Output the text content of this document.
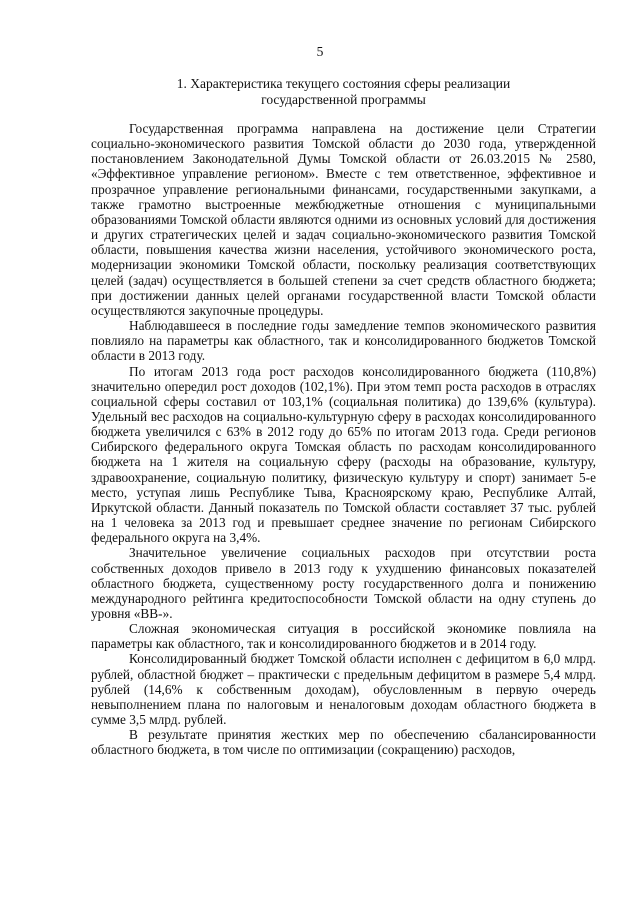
5
1. Характеристика текущего состояния сферы реализации
государственной программы

Государственная программа направлена на достижение цели Стратегии социально-экономического развития Томской области до 2030 года, утвержденной постановлением Законодательной Думы Томской области от 26.03.2015 № 2580, «Эффективное управление регионом». Вместе с тем ответственное, эффективное и прозрачное управление региональными финансами, государственными закупками, а также грамотно выстроенные межбюджетные отношения с муниципальными образованиями Томской области являются одними из основных условий для достижения и других стратегических целей и задач социально-экономического развития Томской области, повышения качества жизни населения, устойчивого экономического роста, модернизации экономики Томской области, поскольку реализация соответствующих целей (задач) осуществляется в большей степени за счет средств областного бюджета; при достижении данных целей органами государственной власти Томской области осуществляются закупочные процедуры.

Наблюдавшееся в последние годы замедление темпов экономического развития повлияло на параметры как областного, так и консолидированного бюджетов Томской области в 2013 году.

По итогам 2013 года рост расходов консолидированного бюджета (110,8%) значительно опередил рост доходов (102,1%). При этом темп роста расходов в отраслях социальной сферы составил от 103,1% (социальная политика) до 139,6% (культура). Удельный вес расходов на социально-культурную сферу в расходах консолидированного бюджета увеличился с 63% в 2012 году до 65% по итогам 2013 года. Среди регионов Сибирского федерального округа Томская область по расходам консолидированного бюджета на 1 жителя на социальную сферу (расходы на образование, культуру, здравоохранение, социальную политику, физическую культуру и спорт) занимает 5-е место, уступая лишь Республике Тыва, Красноярскому краю, Республике Алтай, Иркутской области. Данный показатель по Томской области составляет 37 тыс. рублей на 1 человека за 2013 год и превышает среднее значение по регионам Сибирского федерального округа на 3,4%.

Значительное увеличение социальных расходов при отсутствии роста собственных доходов привело в 2013 году к ухудшению финансовых показателей областного бюджета, существенному росту государственного долга и понижению международного рейтинга кредитоспособности Томской области на одну ступень до уровня «ВВ-».

Сложная экономическая ситуация в российской экономике повлияла на параметры как областного, так и консолидированного бюджетов и в 2014 году.

Консолидированный бюджет Томской области исполнен с дефицитом в 6,0 млрд. рублей, областной бюджет – практически с предельным дефицитом в размере 5,4 млрд. рублей (14,6% к собственным доходам), обусловленным в первую очередь невыполнением плана по налоговым и неналоговым доходам областного бюджета в сумме 3,5 млрд. рублей.

В результате принятия жестких мер по обеспечению сбалансированности областного бюджета, в том числе по оптимизации (сокращению) расходов,
